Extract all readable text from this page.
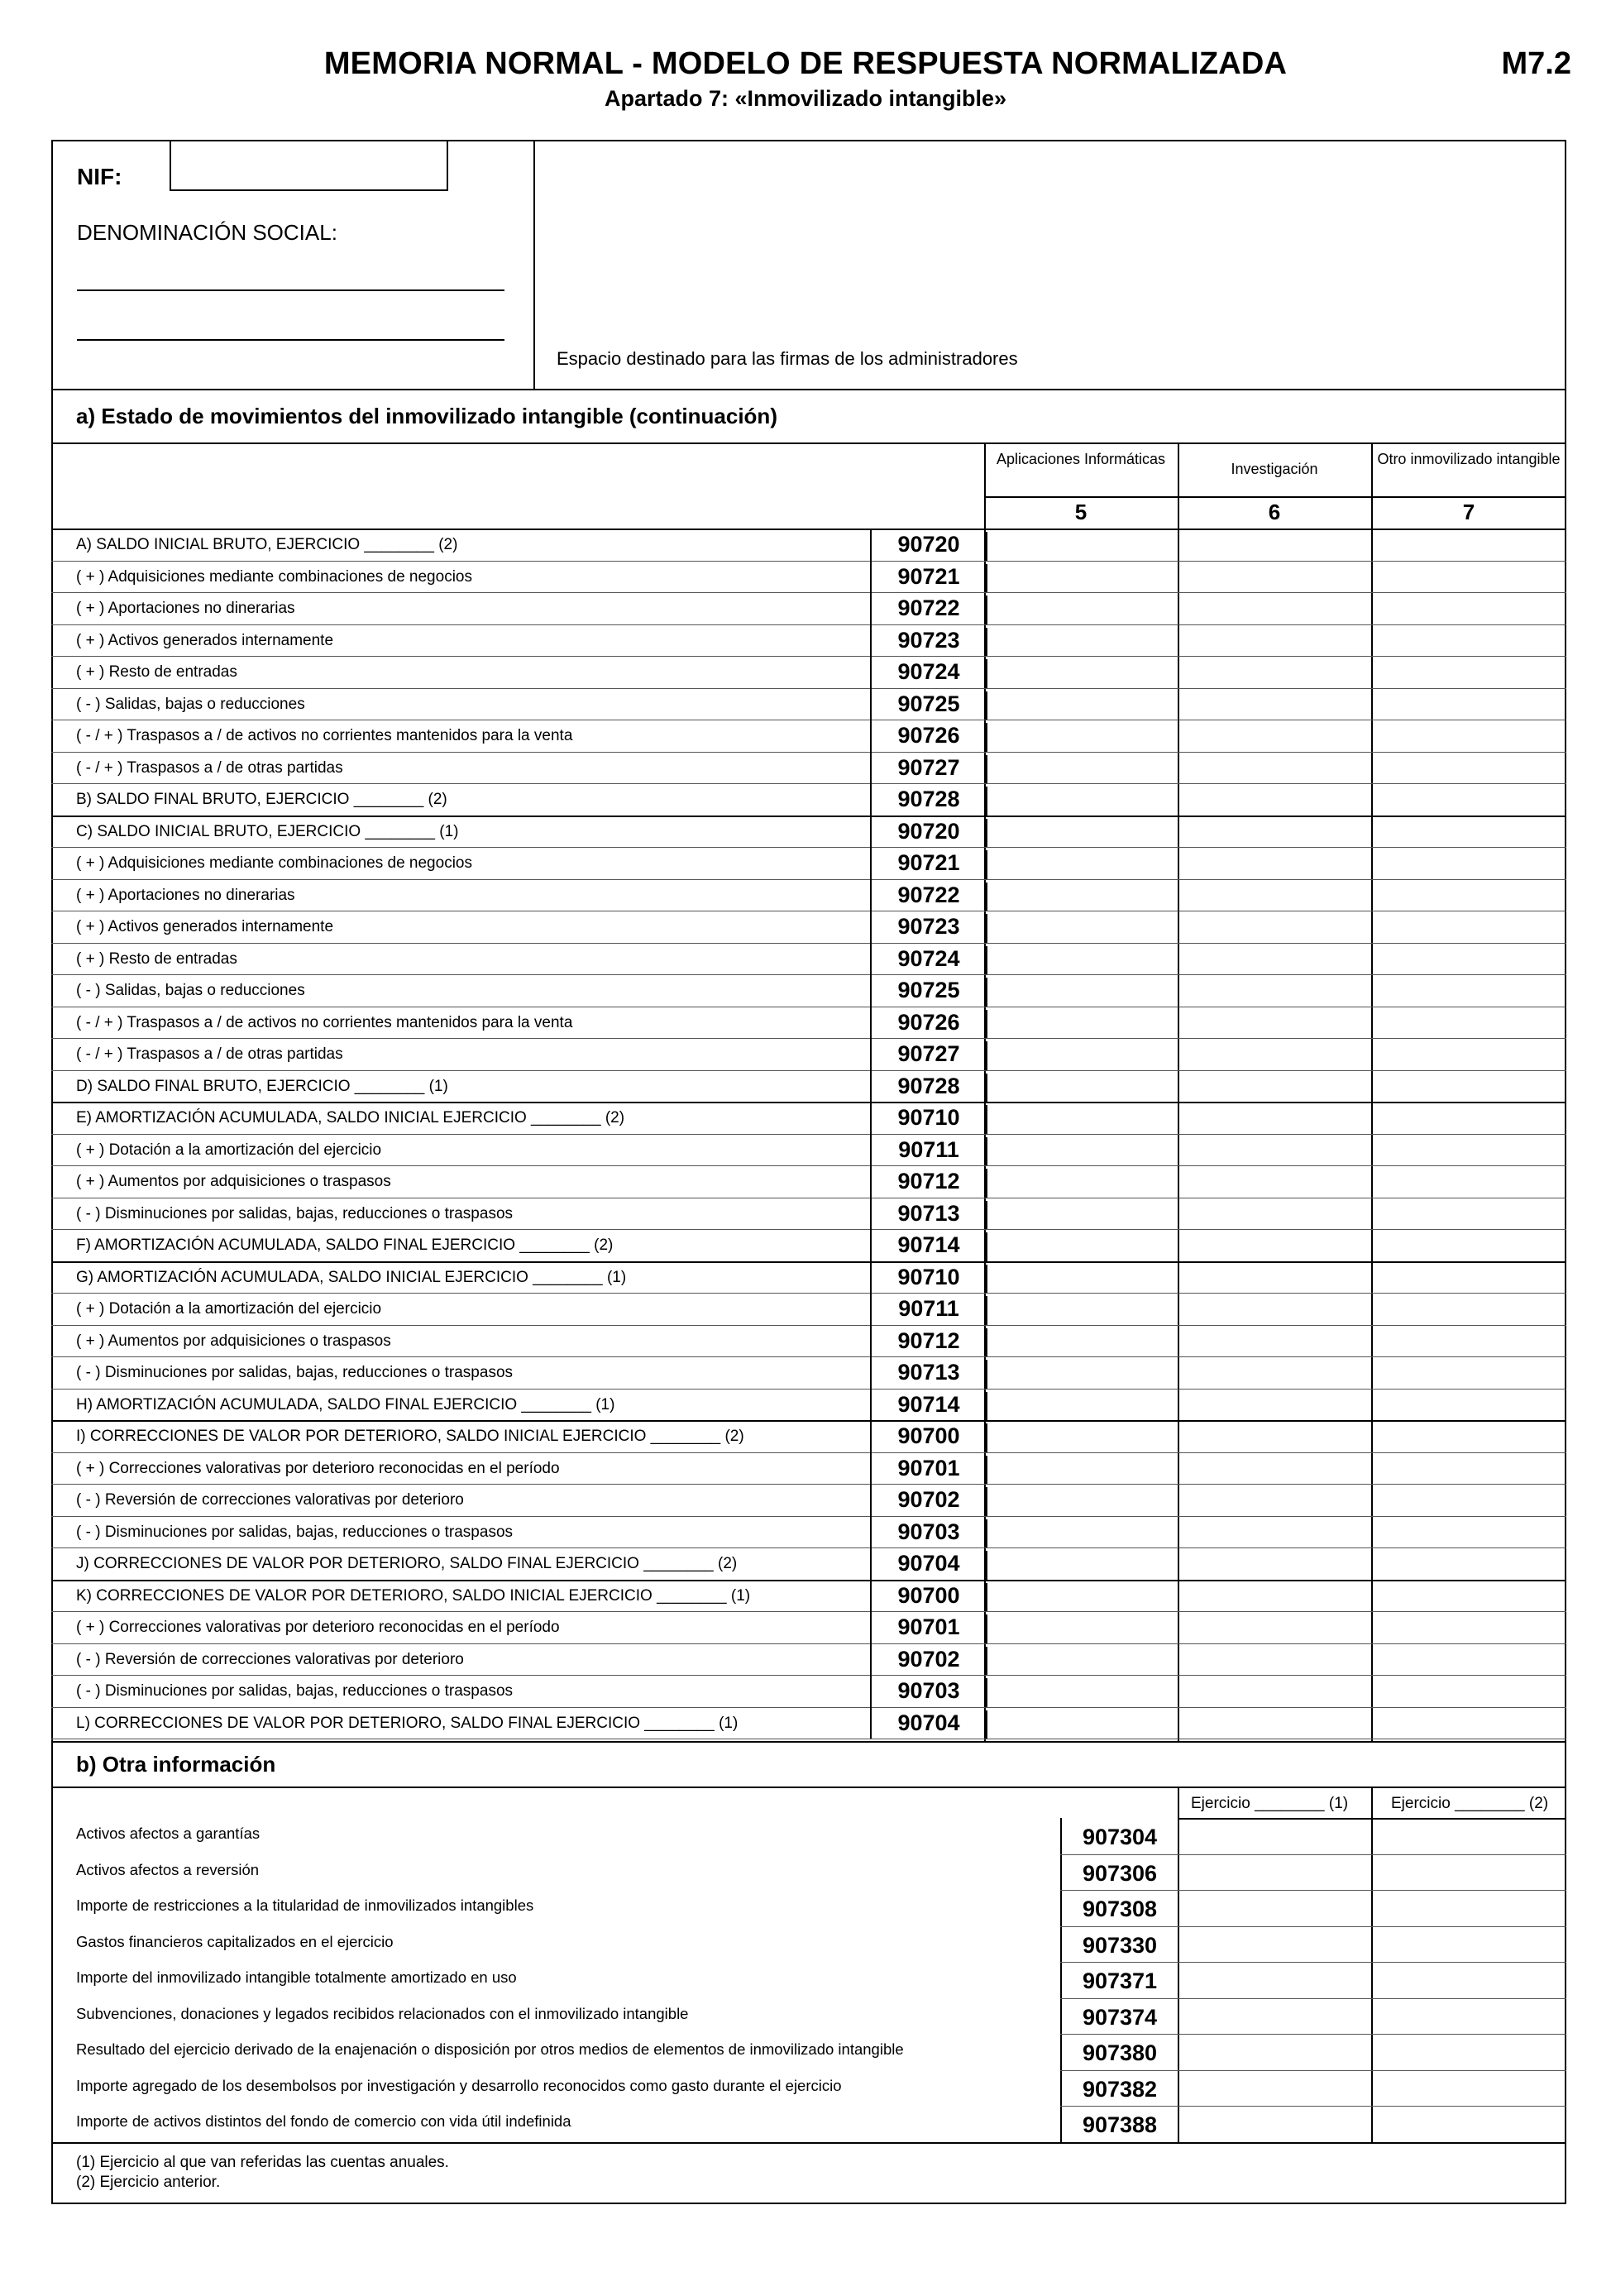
MEMORIA NORMAL - MODELO DE RESPUESTA NORMALIZADA
Apartado 7: «Inmovilizado intangible»
M7.2
NIF:
DENOMINACIÓN SOCIAL:
Espacio destinado para las firmas de los administradores
a) Estado de movimientos del inmovilizado intangible (continuación)
Aplicaciones Informáticas
Investigación
Otro inmovilizado intangible
5	6	7
A) SALDO INICIAL BRUTO, EJERCICIO ________ (2)	90720
( + ) Adquisiciones mediante combinaciones de negocios	90721
( + ) Aportaciones no dinerarias	90722
( + ) Activos generados internamente	90723
( + ) Resto de entradas	90724
( - ) Salidas, bajas o reducciones	90725
( - / + ) Traspasos a / de activos no corrientes mantenidos para la venta	90726
( - / + ) Traspasos a / de otras partidas	90727
B) SALDO FINAL BRUTO, EJERCICIO ________ (2)	90728
C) SALDO INICIAL BRUTO, EJERCICIO ________ (1)	90720
( + ) Adquisiciones mediante combinaciones de negocios	90721
( + ) Aportaciones no dinerarias	90722
( + ) Activos generados internamente	90723
( + ) Resto de entradas	90724
( - ) Salidas, bajas o reducciones	90725
( - / + ) Traspasos a / de activos no corrientes mantenidos para la venta	90726
( - / + ) Traspasos a / de otras partidas	90727
D) SALDO FINAL BRUTO, EJERCICIO ________ (1)	90728
E) AMORTIZACIÓN ACUMULADA, SALDO INICIAL EJERCICIO ________ (2)	90710
( + ) Dotación a la amortización del ejercicio	90711
( + ) Aumentos por adquisiciones o traspasos	90712
( - ) Disminuciones por salidas, bajas, reducciones o traspasos	90713
F) AMORTIZACIÓN ACUMULADA, SALDO FINAL EJERCICIO ________ (2)	90714
G) AMORTIZACIÓN ACUMULADA, SALDO INICIAL EJERCICIO ________ (1)	90710
( + ) Dotación a la amortización del ejercicio	90711
( + ) Aumentos por adquisiciones o traspasos	90712
( - ) Disminuciones por salidas, bajas, reducciones o traspasos	90713
H) AMORTIZACIÓN ACUMULADA, SALDO FINAL EJERCICIO ________ (1)	90714
I) CORRECCIONES DE VALOR POR DETERIORO, SALDO INICIAL EJERCICIO ________ (2)	90700
( + ) Correcciones valorativas por deterioro reconocidas en el período	90701
( - ) Reversión de correcciones valorativas por deterioro	90702
( - ) Disminuciones por salidas, bajas, reducciones o traspasos	90703
J) CORRECCIONES DE VALOR POR DETERIORO, SALDO FINAL EJERCICIO ________ (2)	90704
K) CORRECCIONES DE VALOR POR DETERIORO, SALDO INICIAL EJERCICIO ________ (1)	90700
( + ) Correcciones valorativas por deterioro reconocidas en el período	90701
( - ) Reversión de correcciones valorativas por deterioro	90702
( - ) Disminuciones por salidas, bajas, reducciones o traspasos	90703
L) CORRECCIONES DE VALOR POR DETERIORO, SALDO FINAL EJERCICIO ________ (1)	90704
b) Otra información
Ejercicio ________ (1)	Ejercicio ________ (2)
Activos afectos a garantías	907304
Activos afectos a reversión	907306
Importe de restricciones a la titularidad de inmovilizados intangibles	907308
Gastos financieros capitalizados en el ejercicio	907330
Importe del inmovilizado intangible totalmente amortizado en uso	907371
Subvenciones, donaciones y legados recibidos relacionados con el inmovilizado intangible	907374
Resultado del ejercicio derivado de la enajenación o disposición por otros medios de elementos de inmovilizado intangible	907380
Importe agregado de los desembolsos por investigación y desarrollo reconocidos como gasto durante el ejercicio	907382
Importe de activos distintos del fondo de comercio con vida útil indefinida	907388
(1) Ejercicio al que van referidas las cuentas anuales.
(2) Ejercicio anterior.
